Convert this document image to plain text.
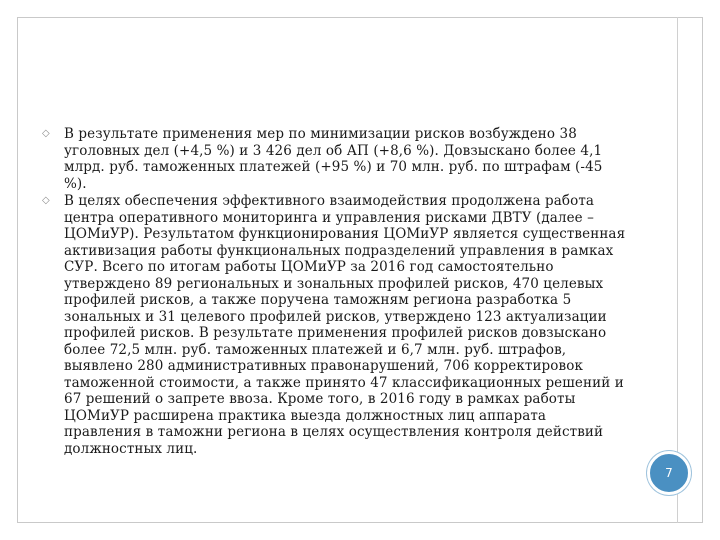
◇ В результате применения мер по минимизации рисков возбуждено 38 уголовных дел (+4,5 %) и 3 426 дел об АП (+8,6 %). Довзыскано более 4,1 млрд. руб. таможенных платежей (+95 %) и 70 млн. руб. по штрафам (-45 %).
◇ В целях обеспечения эффективного взаимодействия продолжена работа центра оперативного мониторинга и управления рисками ДВТУ (далее – ЦОМиУР). Результатом функционирования ЦОМиУР является существенная активизация работы функциональных подразделений управления в рамках СУР. Всего по итогам работы ЦОМиУР за 2016 год самостоятельно утверждено 89 региональных и зональных профилей рисков, 470 целевых профилей рисков, а также поручена таможням региона разработка 5 зональных и 31 целевого профилей рисков, утверждено 123 актуализации профилей рисков. В результате применения профилей рисков довзыскано более 72,5 млн. руб. таможенных платежей и 6,7 млн. руб. штрафов, выявлено 280 административных правонарушений, 706 корректировок таможенной стоимости, а также принято 47 классификационных решений и 67 решений о запрете ввоза. Кроме того, в 2016 году в рамках работы ЦОМиУР расширена практика выезда должностных лиц аппарата правления в таможни региона в целях осуществления контроля действий должностных лиц.
7
